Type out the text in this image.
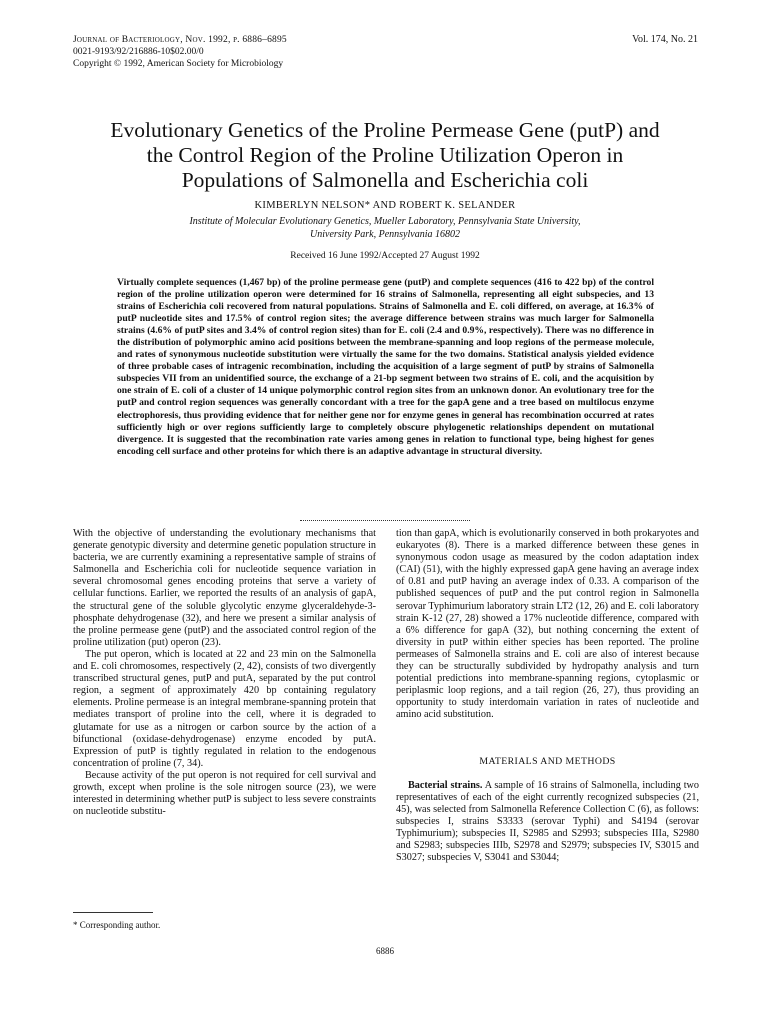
Journal of Bacteriology, Nov. 1992, p. 6886–6895
0021-9193/92/216886-10$02.00/0
Copyright © 1992, American Society for Microbiology
Vol. 174, No. 21
Evolutionary Genetics of the Proline Permease Gene (putP) and
the Control Region of the Proline Utilization Operon in
Populations of Salmonella and Escherichia coli
KIMBERLYN NELSON* AND ROBERT K. SELANDER
Institute of Molecular Evolutionary Genetics, Mueller Laboratory, Pennsylvania State University,
University Park, Pennsylvania 16802
Received 16 June 1992/Accepted 27 August 1992
Virtually complete sequences (1,467 bp) of the proline permease gene (putP) and complete sequences (416 to 422 bp) of the control region of the proline utilization operon were determined for 16 strains of Salmonella, representing all eight subspecies, and 13 strains of Escherichia coli recovered from natural populations. Strains of Salmonella and E. coli differed, on average, at 16.3% of putP nucleotide sites and 17.5% of control region sites; the average difference between strains was much larger for Salmonella strains (4.6% of putP sites and 3.4% of control region sites) than for E. coli (2.4 and 0.9%, respectively). There was no difference in the distribution of polymorphic amino acid positions between the membrane-spanning and loop regions of the permease molecule, and rates of synonymous nucleotide substitution were virtually the same for the two domains. Statistical analysis yielded evidence of three probable cases of intragenic recombination, including the acquisition of a large segment of putP by strains of Salmonella subspecies VII from an unidentified source, the exchange of a 21-bp segment between two strains of E. coli, and the acquisition by one strain of E. coli of a cluster of 14 unique polymorphic control region sites from an unknown donor. An evolutionary tree for the putP and control region sequences was generally concordant with a tree for the gapA gene and a tree based on multilocus enzyme electrophoresis, thus providing evidence that for neither gene nor for enzyme genes in general has recombination occurred at rates sufficiently high or over regions sufficiently large to completely obscure phylogenetic relationships dependent on mutational divergence. It is suggested that the recombination rate varies among genes in relation to functional type, being highest for genes encoding cell surface and other proteins for which there is an adaptive advantage in structural diversity.

With the objective of understanding the evolutionary mechanisms that generate genotypic diversity and determine genetic population structure in bacteria, we are currently examining a representative sample of strains of Salmonella and Escherichia coli for nucleotide sequence variation in several chromosomal genes encoding proteins that serve a variety of cellular functions. Earlier, we reported the results of an analysis of gapA, the structural gene of the soluble glycolytic enzyme glyceraldehyde-3-phosphate dehydrogenase (32), and here we present a similar analysis of the proline permease gene (putP) and the associated control region of the proline utilization (put) operon (23).

The put operon, which is located at 22 and 23 min on the Salmonella and E. coli chromosomes, respectively (2, 42), consists of two divergently transcribed structural genes, putP and putA, separated by the put control region, a segment of approximately 420 bp containing regulatory elements. Proline permease is an integral membrane-spanning protein that mediates transport of proline into the cell, where it is degraded to glutamate for use as a nitrogen or carbon source by the action of a bifunctional (oxidase-dehydrogenase) enzyme encoded by putA. Expression of putP is tightly regulated in relation to the endogenous concentration of proline (7, 34).

Because activity of the put operon is not required for cell survival and growth, except when proline is the sole nitrogen source (23), we were interested in determining whether putP is subject to less severe constraints on nucleotide substitu-

tion than gapA, which is evolutionarily conserved in both prokaryotes and eukaryotes (8). There is a marked difference between these genes in synonymous codon usage as measured by the codon adaptation index (CAI) (51), with the highly expressed gapA gene having an average index of 0.81 and putP having an average index of 0.33. A comparison of the published sequences of putP and the put control region in Salmonella serovar Typhimurium laboratory strain LT2 (12, 26) and E. coli laboratory strain K-12 (27, 28) showed a 17% nucleotide difference, compared with a 6% difference for gapA (32), but nothing concerning the extent of diversity in putP within either species has been reported. The proline permeases of Salmonella strains and E. coli are also of interest because they can be structurally subdivided by hydropathy analysis and turn potential predictions into membrane-spanning regions, cytoplasmic or periplasmic loop regions, and a tail region (26, 27), thus providing an opportunity to study interdomain variation in rates of nucleotide and amino acid substitution.

MATERIALS AND METHODS

Bacterial strains. A sample of 16 strains of Salmonella, including two representatives of each of the eight currently recognized subspecies (21, 45), was selected from Salmonella Reference Collection C (6), as follows: subspecies I, strains S3333 (serovar Typhi) and S4194 (serovar Typhimurium); subspecies II, S2985 and S2993; subspecies IIIa, S2980 and S2983; subspecies IIIb, S2978 and S2979; subspecies IV, S3015 and S3027; subspecies V, S3041 and S3044;

* Corresponding author.
6886
